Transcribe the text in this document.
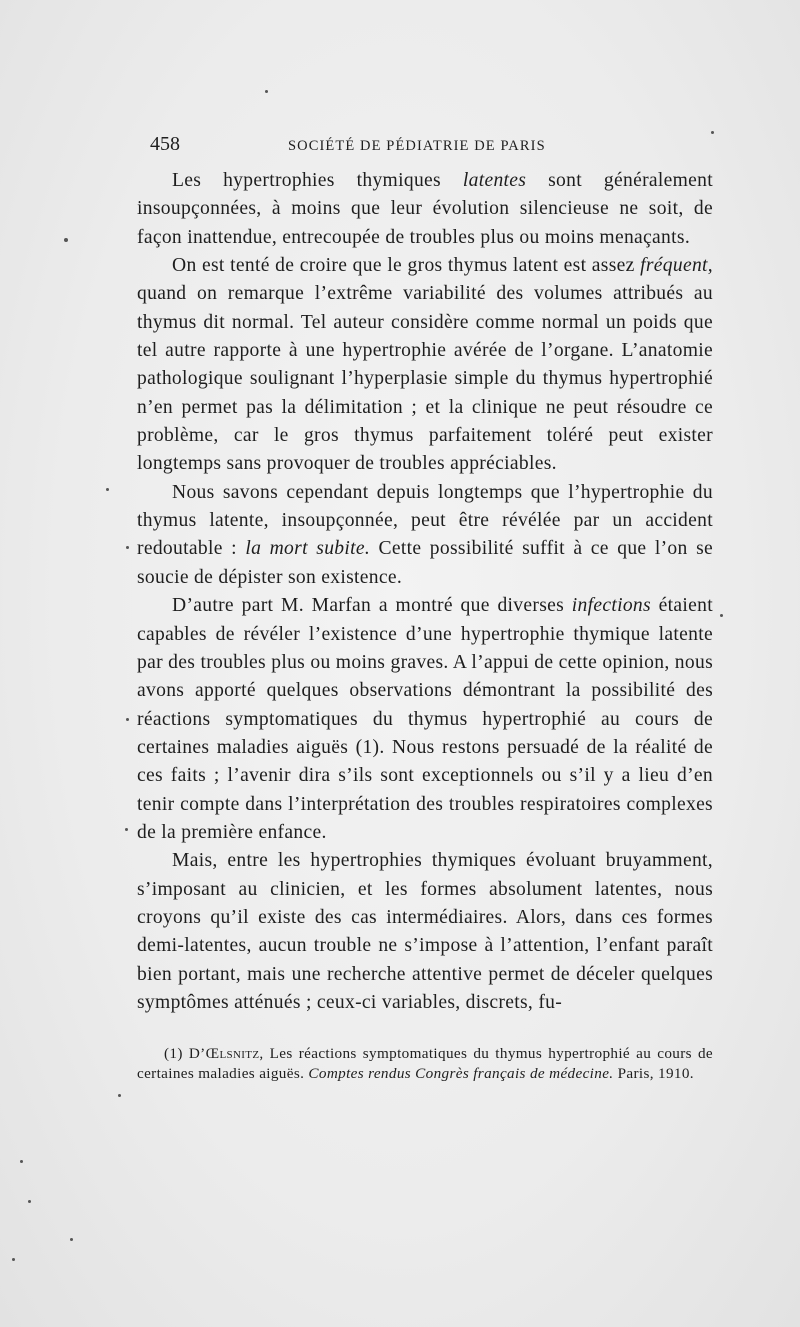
458	SOCIÉTÉ DE PÉDIATRIE DE PARIS

Les hypertrophies thymiques latentes sont généralement insoupçonnées, à moins que leur évolution silencieuse ne soit, de façon inattendue, entrecoupée de troubles plus ou moins menaçants.

On est tenté de croire que le gros thymus latent est assez fréquent, quand on remarque l’extrême variabilité des volumes attribués au thymus dit normal. Tel auteur considère comme normal un poids que tel autre rapporte à une hypertrophie avérée de l’organe. L’anatomie pathologique soulignant l’hyperplasie simple du thymus hypertrophié n’en permet pas la délimitation ; et la clinique ne peut résoudre ce problème, car le gros thymus parfaitement toléré peut exister longtemps sans provoquer de troubles appréciables.

Nous savons cependant depuis longtemps que l’hypertrophie du thymus latente, insoupçonnée, peut être révélée par un accident redoutable : la mort subite. Cette possibilité suffit à ce que l’on se soucie de dépister son existence.

D’autre part M. Marfan a montré que diverses infections étaient capables de révéler l’existence d’une hypertrophie thymique latente par des troubles plus ou moins graves. A l’appui de cette opinion, nous avons apporté quelques observations démontrant la possibilité des réactions symptomatiques du thymus hypertrophié au cours de certaines maladies aiguës (1). Nous restons persuadé de la réalité de ces faits ; l’avenir dira s’ils sont exceptionnels ou s’il y a lieu d’en tenir compte dans l’interprétation des troubles respiratoires complexes de la première enfance.

Mais, entre les hypertrophies thymiques évoluant bruyamment, s’imposant au clinicien, et les formes absolument latentes, nous croyons qu’il existe des cas intermédiaires. Alors, dans ces formes demi-latentes, aucun trouble ne s’impose à l’attention, l’enfant paraît bien portant, mais une recherche attentive permet de déceler quelques symptômes atténués ; ceux-ci variables, discrets, fu-

(1) D’Œlsnitz, Les réactions symptomatiques du thymus hypertrophié au cours de certaines maladies aiguës. Comptes rendus Congrès français de médecine. Paris, 1910.
